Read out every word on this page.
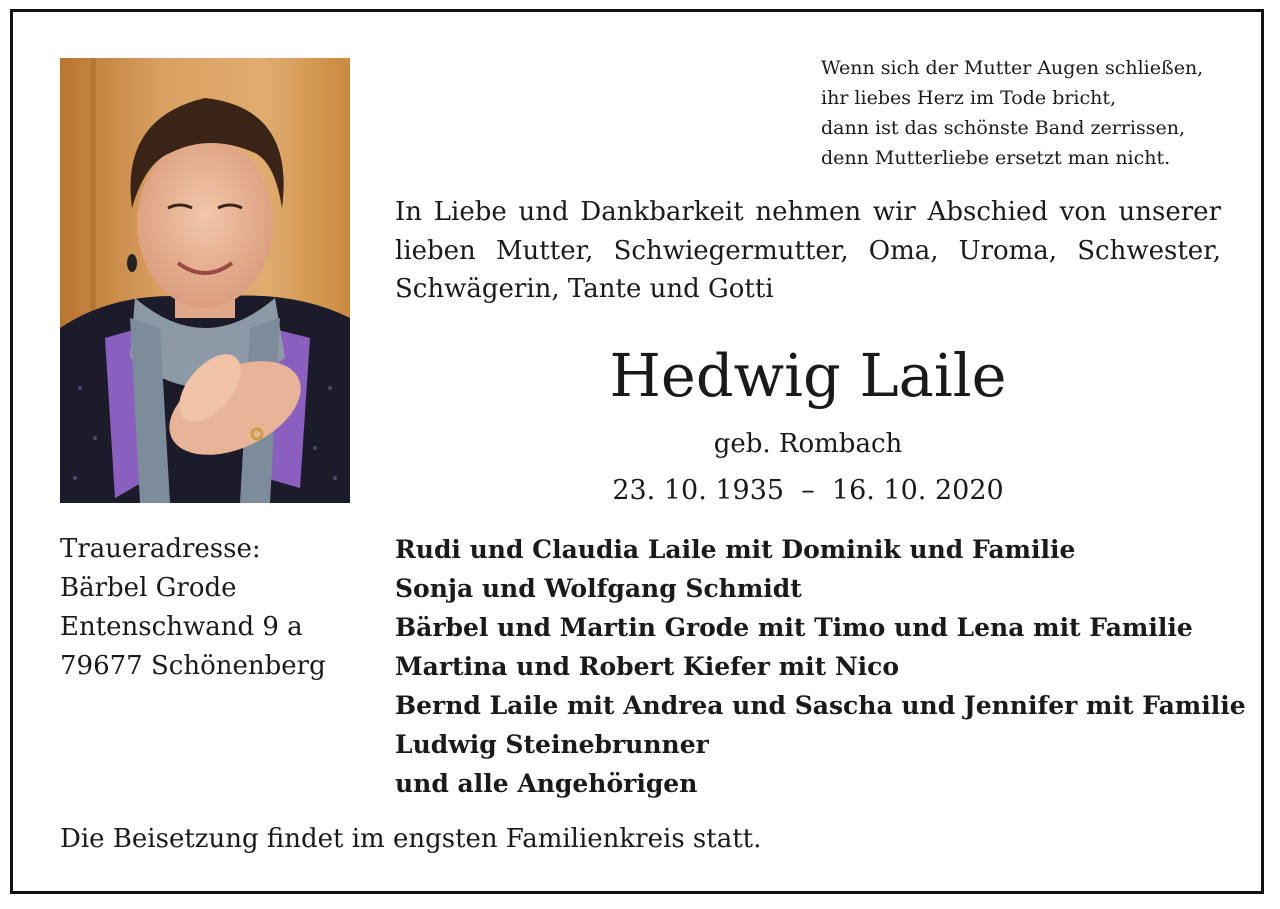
Wenn sich der Mutter Augen schließen,
ihr liebes Herz im Tode bricht,
dann ist das schönste Band zerrissen,
denn Mutterliebe ersetzt man nicht.
In Liebe und Dankbarkeit nehmen wir Abschied von unserer lieben Mutter, Schwiegermutter, Oma, Uroma, Schwester, Schwägerin, Tante und Gotti
Hedwig Laile
geb. Rombach
23. 10. 1935  –  16. 10. 2020
Traueradresse:
Bärbel Grode
Entenschwand 9 a
79677 Schönenberg
Rudi und Claudia Laile mit Dominik und Familie
Sonja und Wolfgang Schmidt
Bärbel und Martin Grode mit Timo und Lena mit Familie
Martina und Robert Kiefer mit Nico
Bernd Laile mit Andrea und Sascha und Jennifer mit Familie
Ludwig Steinebrunner
und alle Angehörigen
Die Beisetzung findet im engsten Familienkreis statt.
